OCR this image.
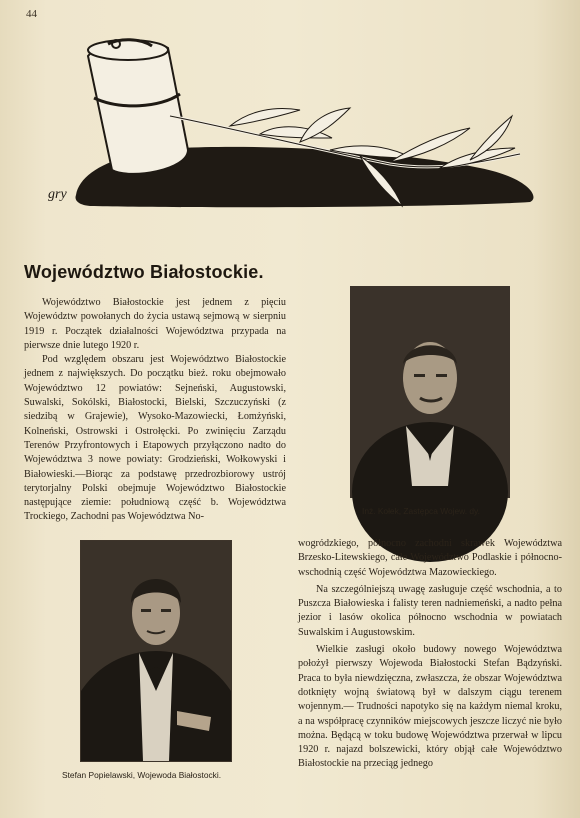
44
gry
Województwo Białostockie.

Województwo Białostockie jest jednem z pięciu Województw powołanych do życia ustawą sejmową w sierpniu 1919 r. Początek działalności Województwa przypada na pierwsze dnie lutego 1920 r.

Pod względem obszaru jest Województwo Białostockie jednem z największych. Do początku bież. roku obejmowało Województwo 12 powiatów: Sejneński, Augustowski, Suwalski, Sokólski, Białostocki, Bielski, Szczuczyński (z siedzibą w Grajewie), Wysoko-Mazowiecki, Łomżyński, Kolneński, Ostrowski i Ostrołęcki. Po zwinięciu Zarządu Terenów Przyfrontowych i Etapowych przyłączono nadto do Województwa 3 nowe powiaty: Grodzieński, Wołkowyski i Białowieski.—Biorąc za podstawę przedrozbiorowy ustrój terytorjalny Polski obejmuje Województwo Białostockie następujące ziemie: południową część b. Województwa Trockiego, Zachodni pas Województwa No-

Inż. Kołek, Zastępca Wojew. dy.
Stefan Popielawski, Wojewoda Białostocki.

wogródzkiego, północno zachodni skrawek Województwa Brzesko-Litewskiego, całe Województwo Podlaskie i północno-wschodnią część Województwa Mazowieckiego.

Na szczególniejszą uwagę zasługuje część wschodnia, a to Puszcza Białowieska i falisty teren nadniemeński, a nadto pełna jezior i lasów okolica północno wschodnia w powiatach Suwalskim i Augustowskim.

Wielkie zasługi około budowy nowego Województwa położył pierwszy Wojewoda Białostocki Stefan Bądzyński. Praca to była niewdzięczna, zwłaszcza, że obszar Województwa dotknięty wojną światową był w dalszym ciągu terenem wojennym.— Trudności napotyko się na każdym niemal kroku, a na współpracę czynników miejscowych jeszcze liczyć nie było można. Będącą w toku budowę Województwa przerwał w lipcu 1920 r. najazd bolszewicki, który objął całe Województwo Białostockie na przeciąg jednego
